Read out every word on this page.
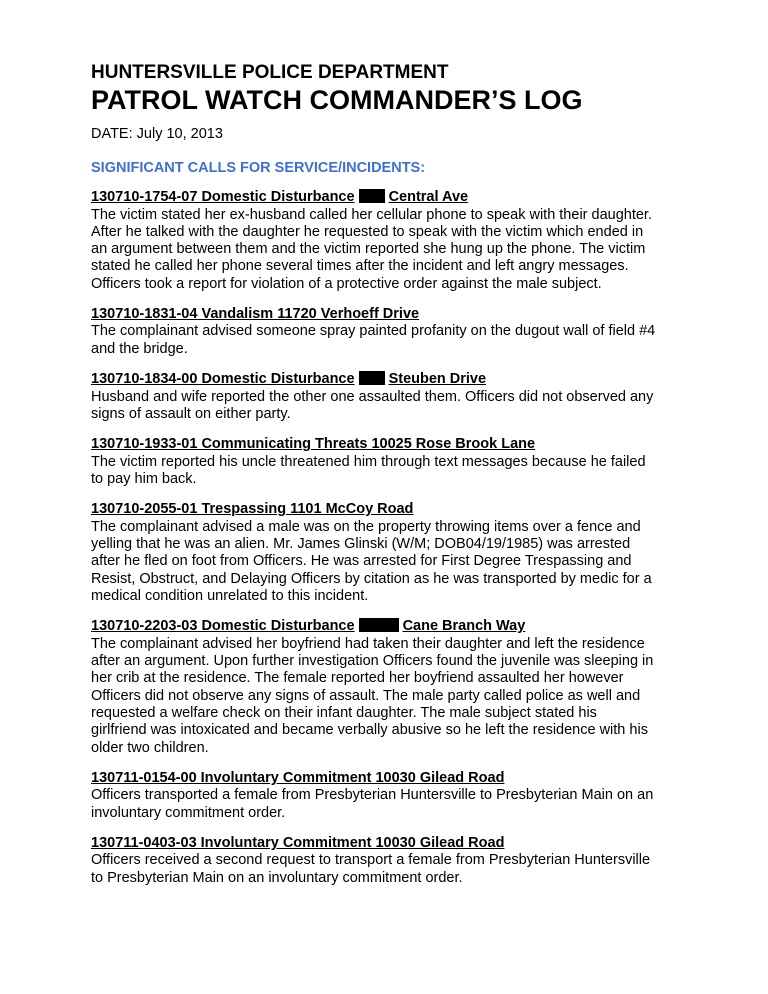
HUNTERSVILLE POLICE DEPARTMENT
PATROL WATCH COMMANDER’S LOG
DATE: July 10, 2013
SIGNIFICANT CALLS FOR SERVICE/INCIDENTS:
130710-1754-07 Domestic Disturbance Central Ave
The victim stated her ex-husband called her cellular phone to speak with their daughter.
After he talked with the daughter he requested to speak with the victim which ended in
an argument between them and the victim reported she hung up the phone. The victim
stated he called her phone several times after the incident and left angry messages.
Officers took a report for violation of a protective order against the male subject.
130710-1831-04 Vandalism 11720 Verhoeff Drive
The complainant advised someone spray painted profanity on the dugout wall of field #4
and the bridge.
130710-1834-00 Domestic Disturbance Steuben Drive
Husband and wife reported the other one assaulted them. Officers did not observed any
signs of assault on either party.
130710-1933-01 Communicating Threats 10025 Rose Brook Lane
The victim reported his uncle threatened him through text messages because he failed
to pay him back.
130710-2055-01 Trespassing 1101 McCoy Road
The complainant advised a male was on the property throwing items over a fence and
yelling that he was an alien. Mr. James Glinski (W/M; DOB04/19/1985) was arrested
after he fled on foot from Officers. He was arrested for First Degree Trespassing and
Resist, Obstruct, and Delaying Officers by citation as he was transported by medic for a
medical condition unrelated to this incident.
130710-2203-03 Domestic Disturbance	Cane Branch Way
The complainant advised her boyfriend had taken their daughter and left the residence
after an argument. Upon further investigation Officers found the juvenile was sleeping in
her crib at the residence. The female reported her boyfriend assaulted her however
Officers did not observe any signs of assault. The male party called police as well and
requested a welfare check on their infant daughter. The male subject stated his
girlfriend was intoxicated and became verbally abusive so he left the residence with his
older two children.
130711-0154-00 Involuntary Commitment 10030 Gilead Road
Officers transported a female from Presbyterian Huntersville to Presbyterian Main on an
involuntary commitment order.
130711-0403-03 Involuntary Commitment 10030 Gilead Road
Officers received a second request to transport a female from Presbyterian Huntersville
to Presbyterian Main on an involuntary commitment order.
